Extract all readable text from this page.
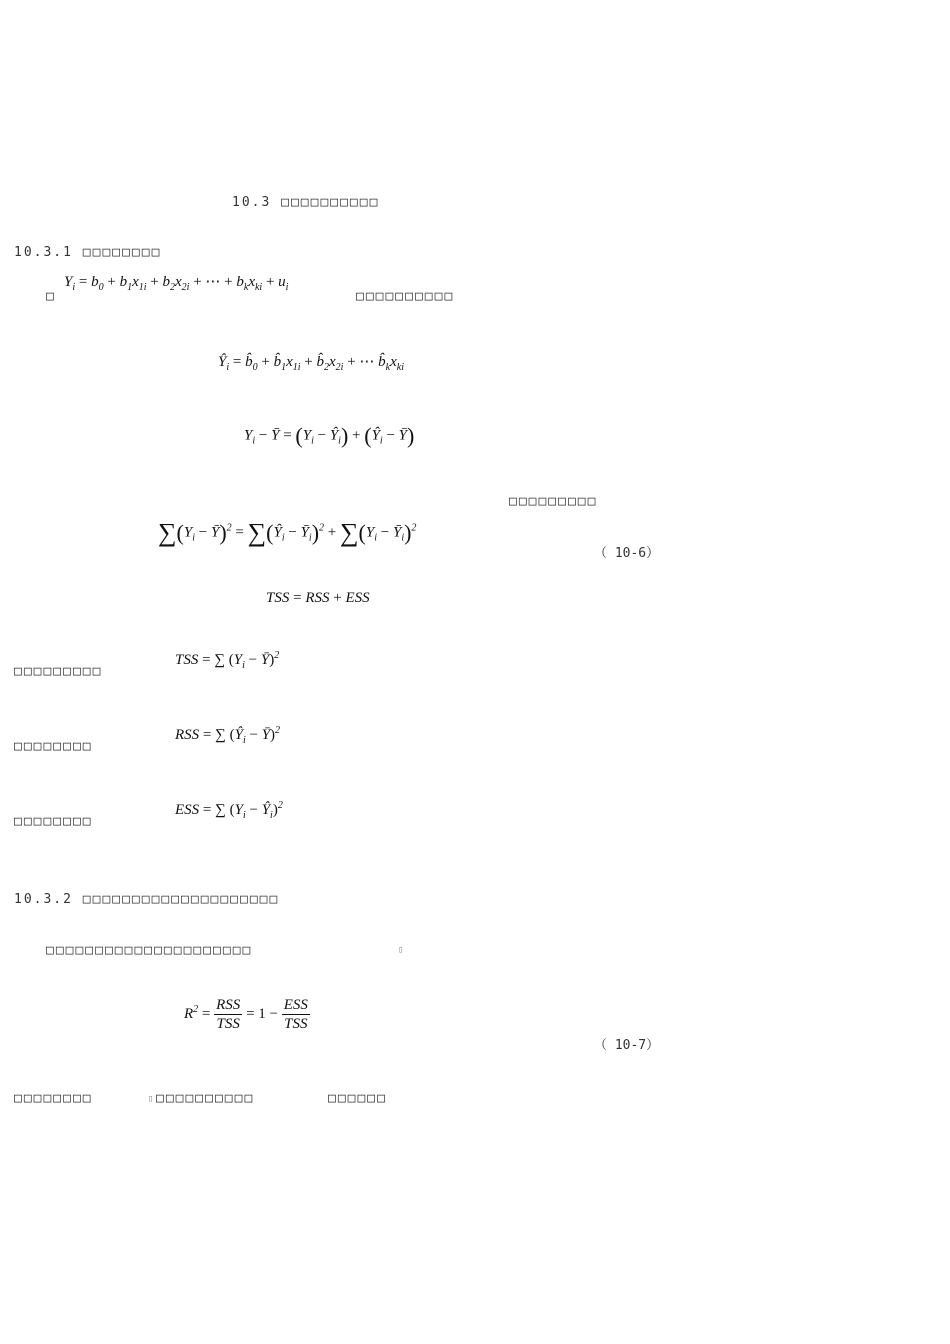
10.3 □□□□□□□□□□
10.3.1 □□□□□□□□
□
$Y_i = b_0 + b_1x_{1i} + b_2x_{2i}$ + ⋯ + $b_kx_{ki} + u_i$
□□□□□□□□□□
$Ŷ_i$ = $b̂_0$ + $b̂_1x_{1i}$ + $b̂_2x_{2i}$ + ⋯ $b̂_kx_{ki}$
$Y_i$ − Ȳ = ($Y_i$ − $Ŷ_i$) + ($Ŷ_i$ − Ȳ)
□□□□□□□□□
$\sum(Y_i$ − Ȳ)$^2$ = $\sum(Ŷ_i$ − $Ȳ_i)^2 + \sum(Y_i$ − $Ȳ_i)^2$
（ 10-6）
TSS = RSS + ESS
□□□□□□□□□
TSS = ∑ ($Y_i$ − Ȳ)$^2$
□□□□□□□□
RSS = ∑ ($Ŷ_i$ − Ȳ)$^2$
□□□□□□□□
ESS = ∑ ($Y_i$ − $Ŷ_i)^2$
10.3.2 □□□□□□□□□□□□□□□□□□□□
□□□□□□□□□□□□□□□□□□□□□	▯
$R^2 = \frac{\text{RSS}}{\text{TSS}} = 1 - \frac{\text{ESS}}{\text{TSS}}$
（ 10-7）
□□□□□□□□	▯ □□□□□□□□□□	□□□□□□
